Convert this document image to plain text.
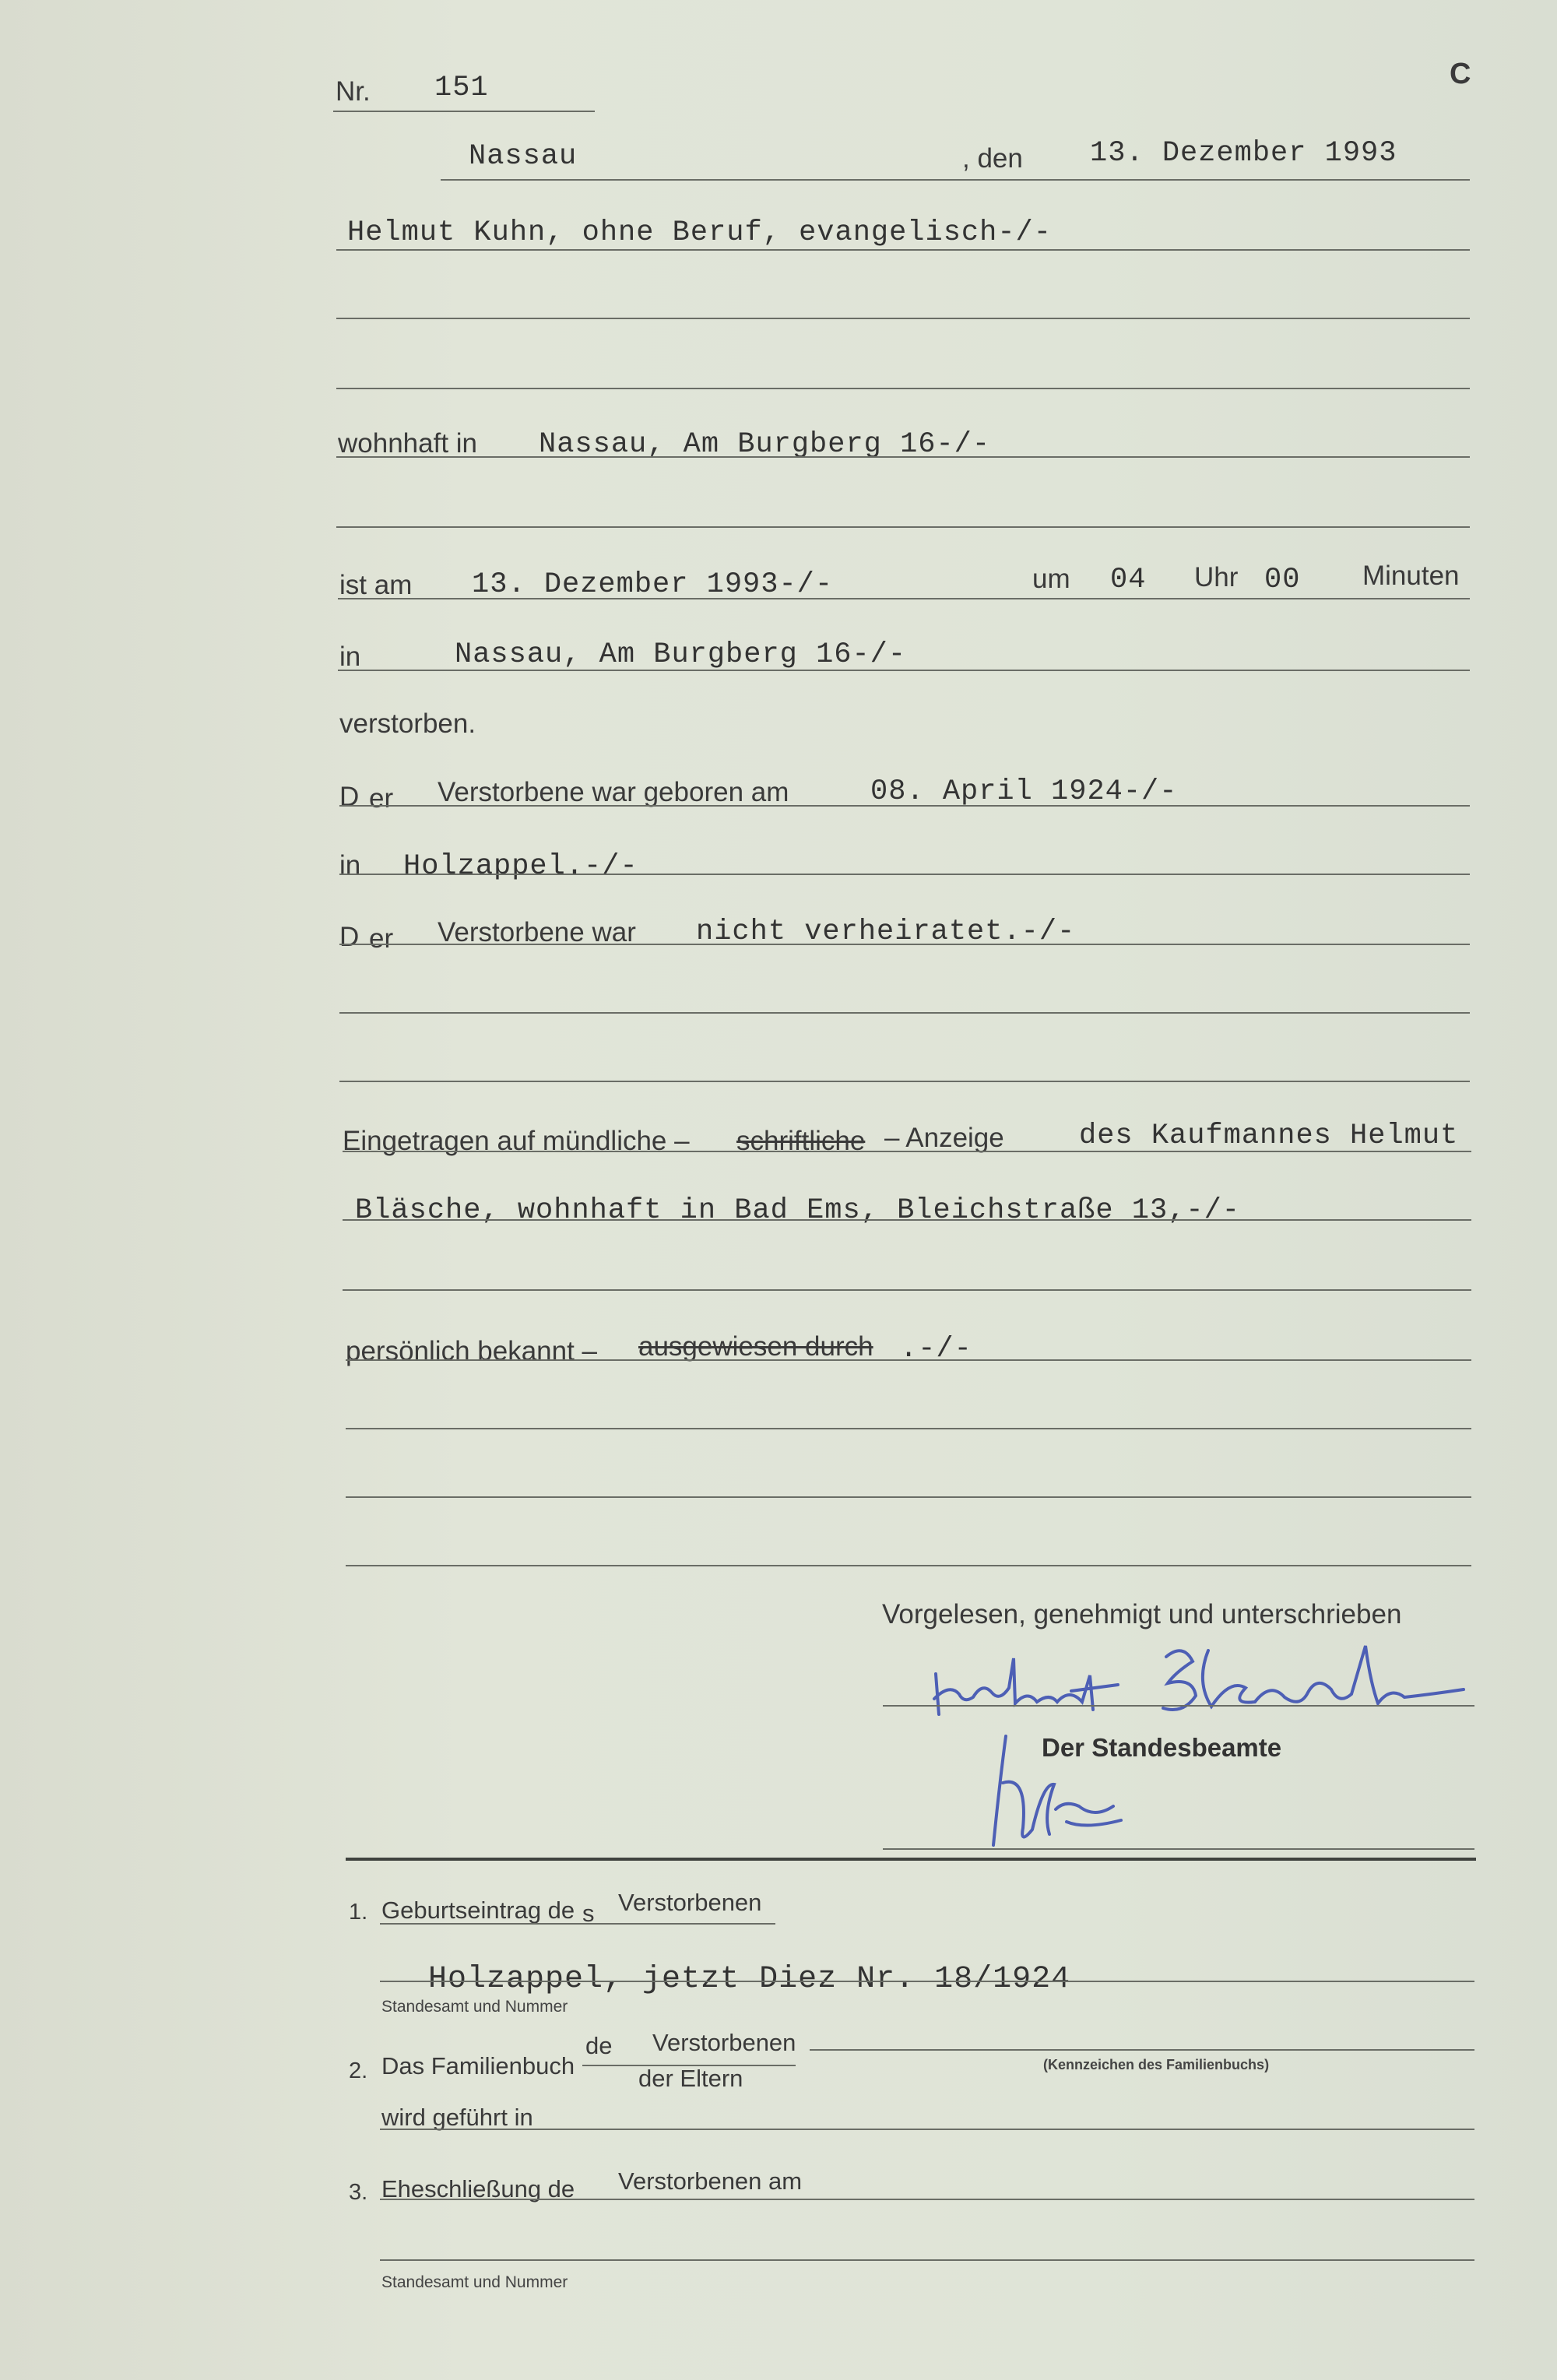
C
Nr. 151
Nassau	, den 13. Dezember 1993
Helmut Kuhn, ohne Beruf, evangelisch-/-
wohnhaft in Nassau, Am Burgberg 16-/-
ist am 13. Dezember 1993-/-	um 04 Uhr 00 Minuten
in	Nassau, Am Burgberg 16-/-
verstorben.
D er Verstorbene war geboren am	08. April 1924-/-
in Holzappel.-/-
D er Verstorbene war nicht verheiratet.-/-
Eingetragen auf mündliche – schriftliche – Anzeige	des Kaufmannes Helmut
Bläsche, wohnhaft in Bad Ems, Bleichstraße 13,-/-
persönlich bekannt – ausgewiesen durch .-/-
Vorgelesen, genehmigt und unterschrieben
Der Standesbeamte
1. Geburtseintrag de s Verstorbenen
Holzappel, jetzt Diez Nr. 18/1924
Standesamt und Nummer
2. Das Familienbuch
de Verstorbenen
der Eltern	(Kennzeichen des Familienbuchs)
wird geführt in
3. Eheschließung de Verstorbenen am
Standesamt und Nummer
